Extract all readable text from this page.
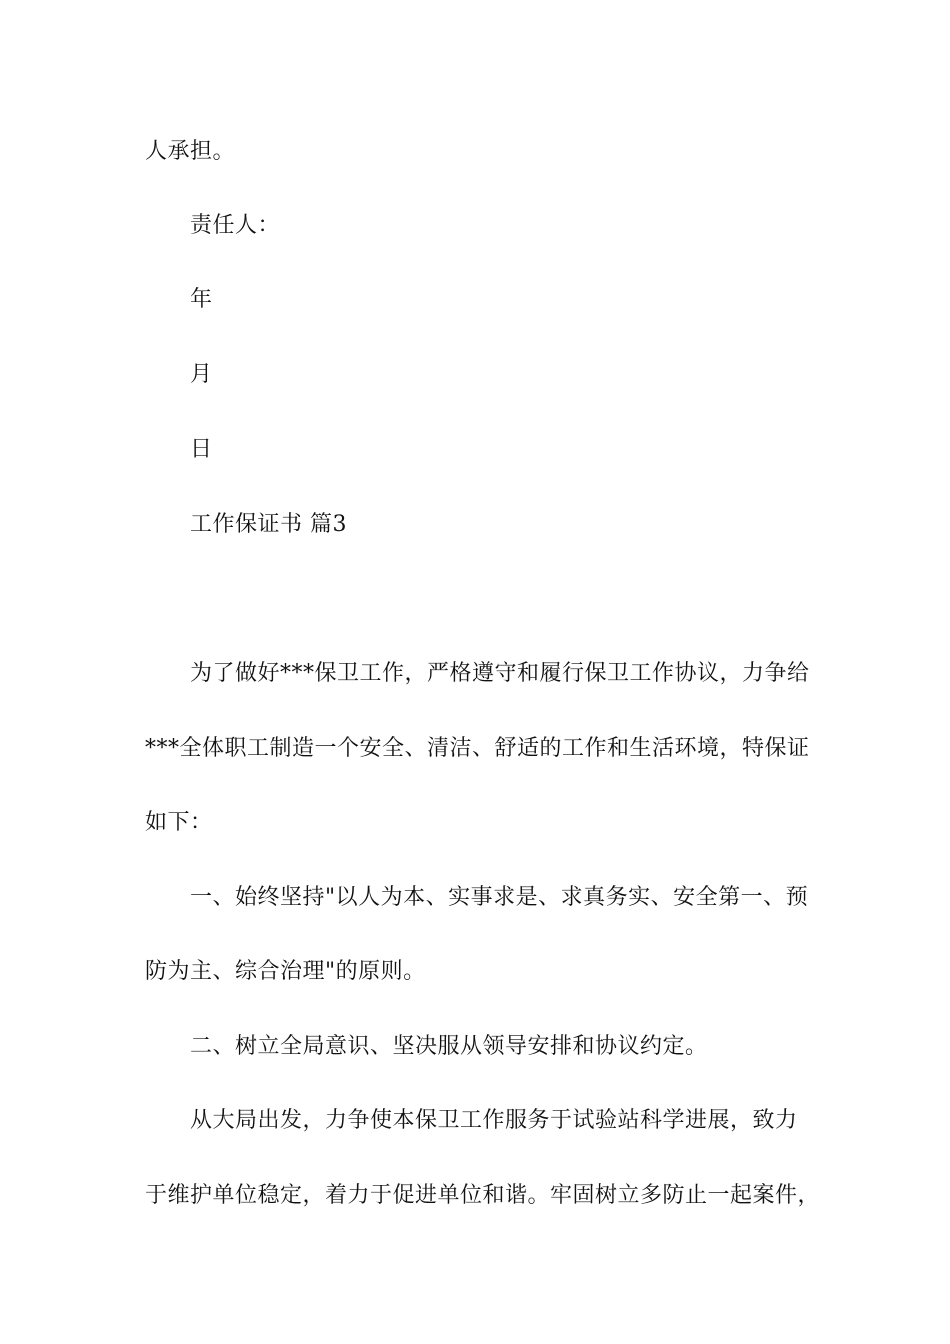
人承担。
责任人：
年
月
日
工作保证书 篇3
为了做好***保卫工作，严格遵守和履行保卫工作协议，力争给
***全体职工制造一个安全、清洁、舒适的工作和生活环境，特保证
如下：
一、始终坚持"以人为本、实事求是、求真务实、安全第一、预
防为主、综合治理"的原则。
二、树立全局意识、坚决服从领导安排和协议约定。
从大局出发，力争使本保卫工作服务于试验站科学进展，致力
于维护单位稳定，着力于促进单位和谐。牢固树立多防止一起案件，
